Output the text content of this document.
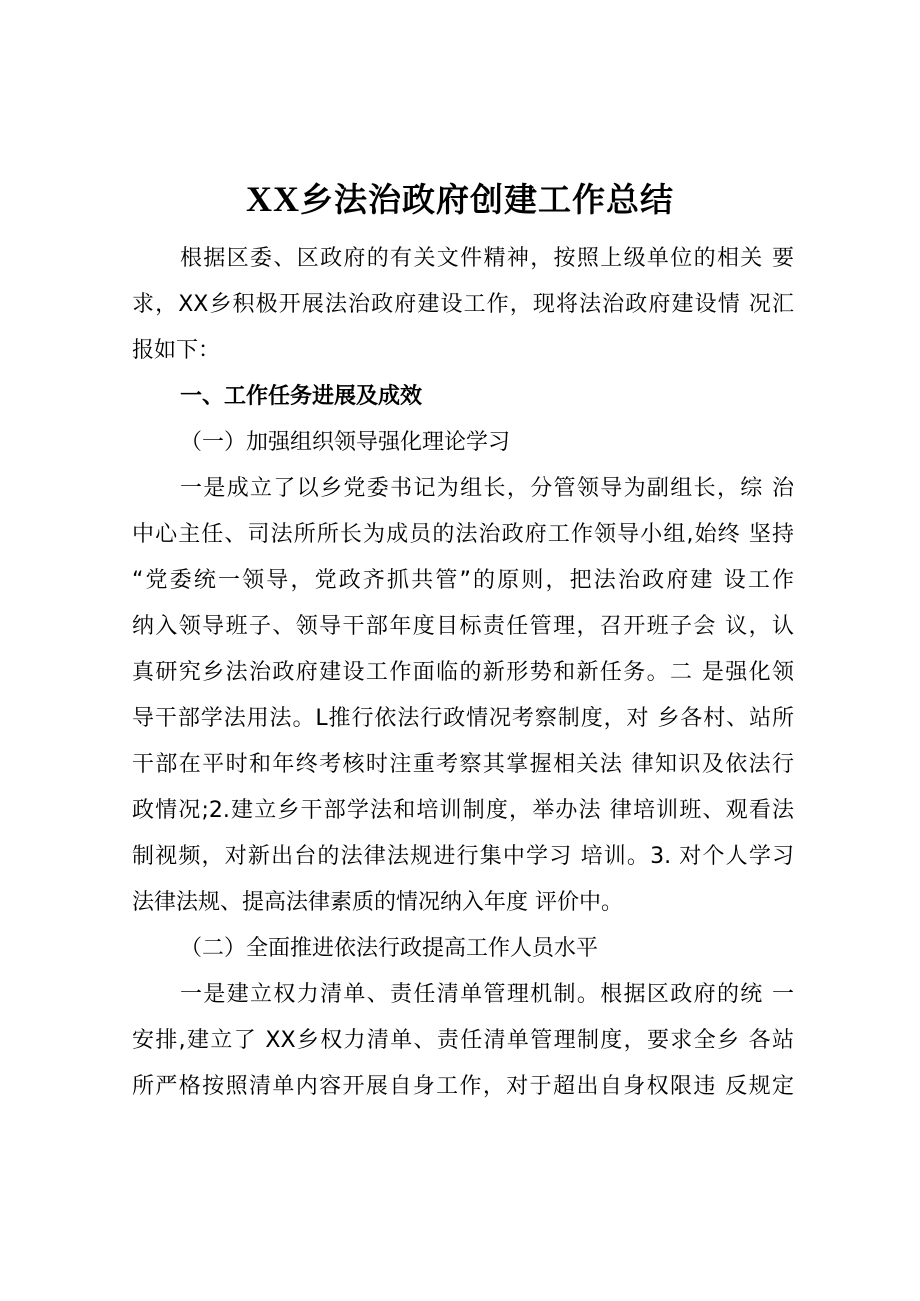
XX乡法治政府创建工作总结
根据区委、区政府的有关文件精神，按照上级单位的相关 要
求，XX乡积极开展法治政府建设工作，现将法治政府建设情 况汇
报如下：
一、工作任务进展及成效
（一）加强组织领导强化理论学习
一是成立了以乡党委书记为组长，分管领导为副组长，综 治
中心主任、司法所所长为成员的法治政府工作领导小组,始终 坚持
“党委统一领导，党政齐抓共管”的原则，把法治政府建 设工作
纳入领导班子、领导干部年度目标责任管理，召开班子会 议，认
真研究乡法治政府建设工作面临的新形势和新任务。二 是强化领
导干部学法用法。L推行依法行政情况考察制度，对 乡各村、站所
干部在平时和年终考核时注重考察其掌握相关法 律知识及依法行
政情况;2.建立乡干部学法和培训制度，举办法 律培训班、观看法
制视频，对新出台的法律法规进行集中学习 培训。3. 对个人学习
法律法规、提高法律素质的情况纳入年度 评价中。
（二）全面推进依法行政提高工作人员水平
一是建立权力清单、责任清单管理机制。根据区政府的统 一
安排,建立了 XX乡权力清单、责任清单管理制度，要求全乡 各站
所严格按照清单内容开展自身工作，对于超出自身权限违 反规定
